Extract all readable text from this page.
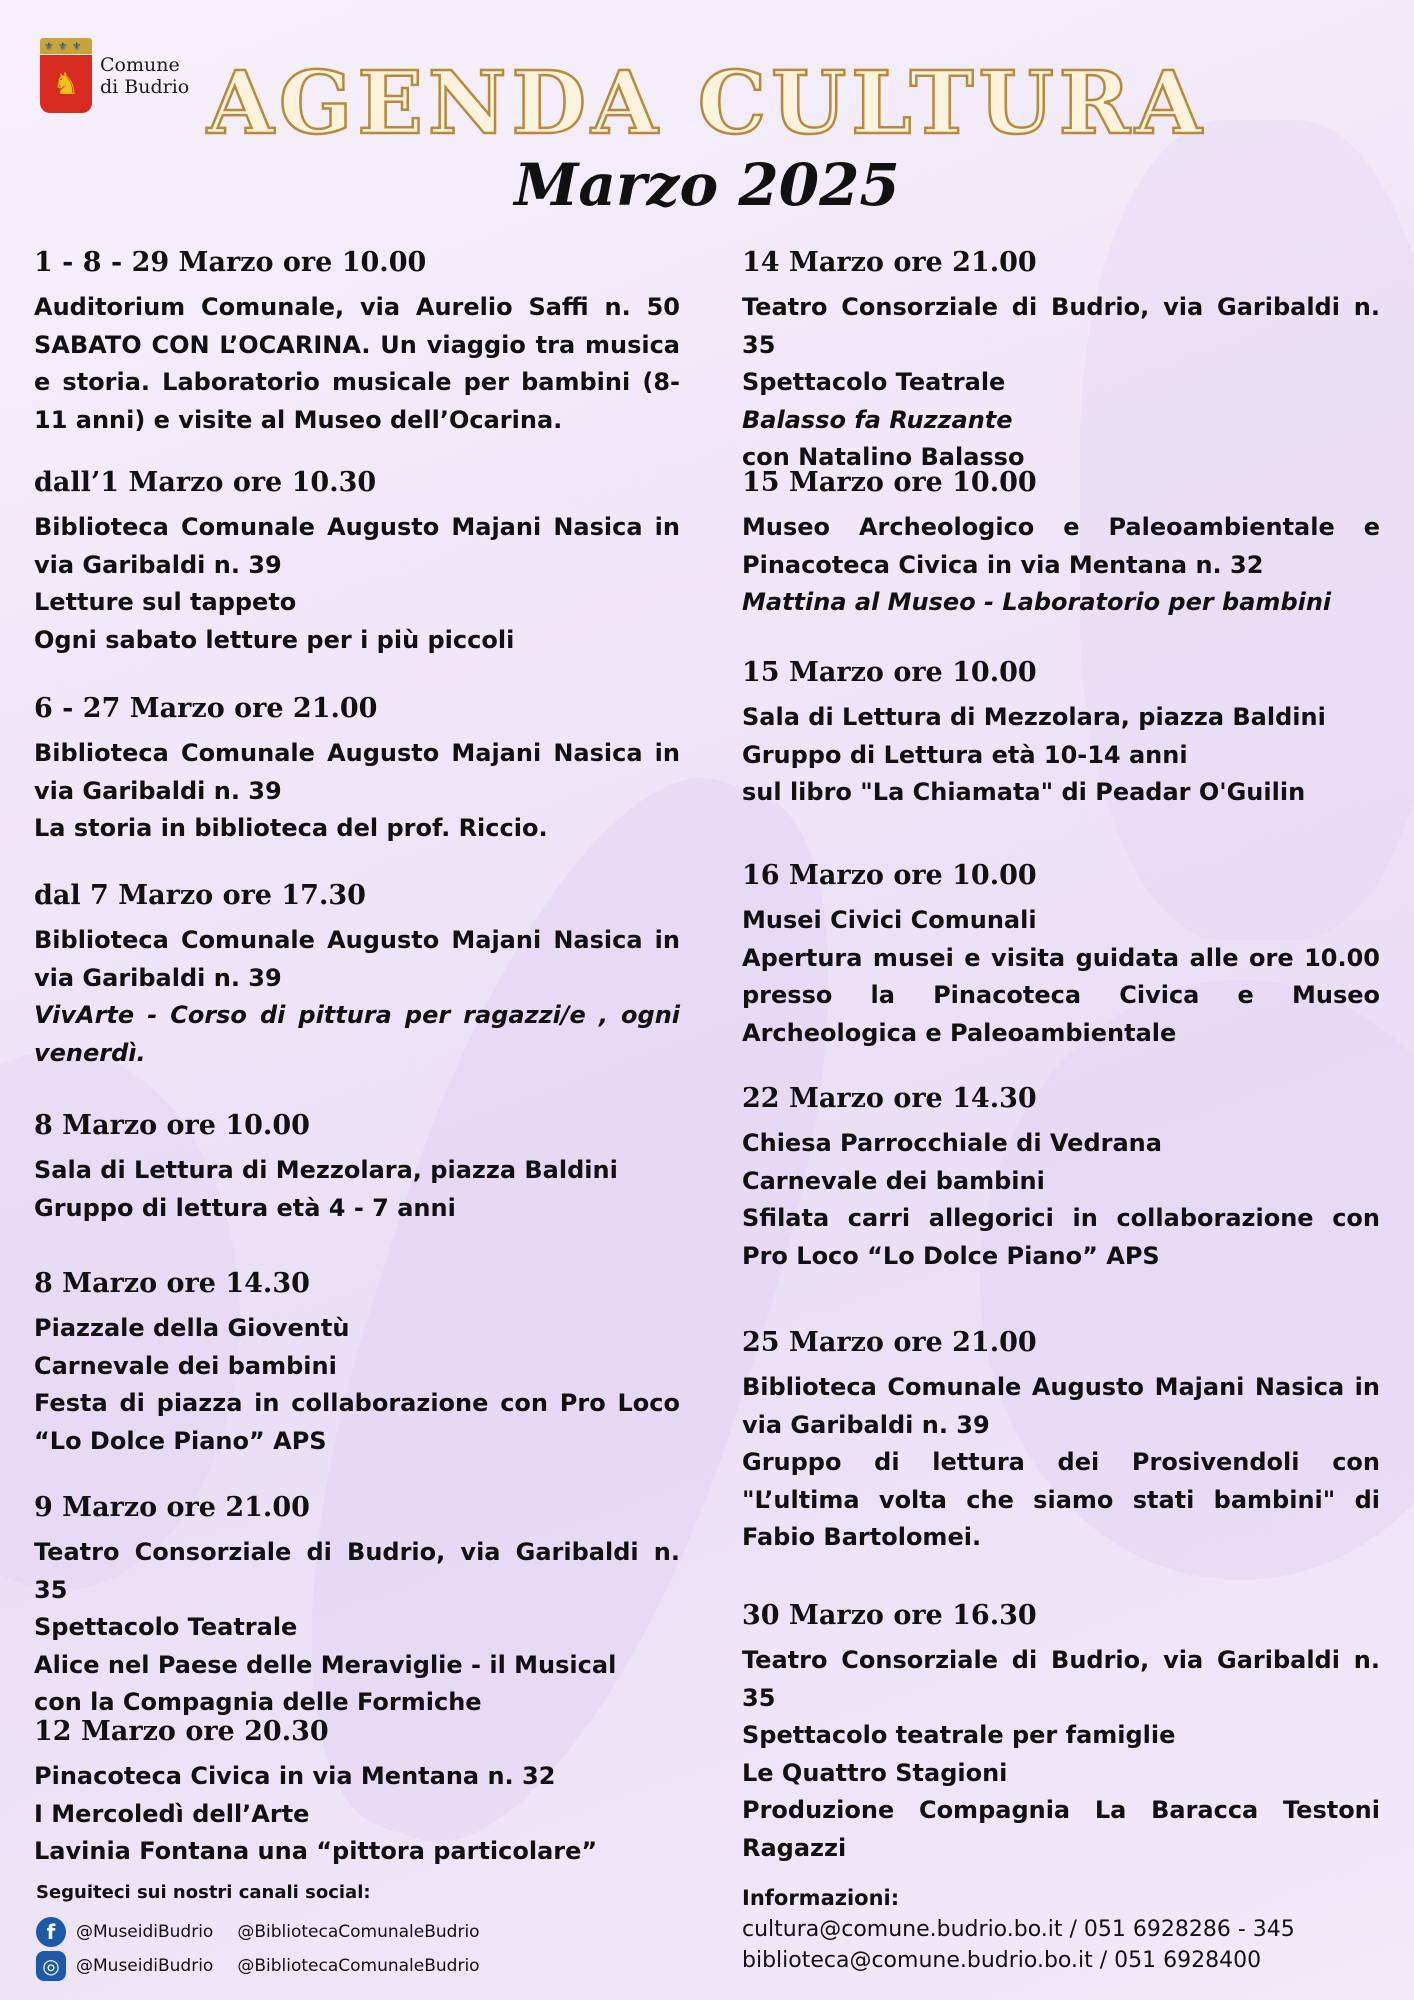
⚜⚜⚜
♞
Comune
di Budrio AGENDA CULTURA
Marzo 2025
1 - 8 - 29 Marzo ore 10.00

Auditorium Comunale, via Aurelio Saffi n. 50 SABATO CON L’OCARINA. Un viaggio tra musica e storia. Laboratorio musicale per bambini (8-11 anni) e visite al Museo dell’Ocarina.

dall’1 Marzo ore 10.30

Biblioteca Comunale Augusto Majani Nasica in via Garibaldi n. 39

Letture sul tappeto

Ogni sabato letture per i più piccoli

6 - 27 Marzo ore 21.00

Biblioteca Comunale Augusto Majani Nasica in via Garibaldi n. 39

La storia in biblioteca del prof. Riccio.

dal 7 Marzo ore 17.30

Biblioteca Comunale Augusto Majani Nasica in via Garibaldi n. 39

VivArte - Corso di pittura per ragazzi/e , ogni venerdì.

8 Marzo ore 10.00

Sala di Lettura di Mezzolara, piazza Baldini

Gruppo di lettura età 4 - 7 anni

8 Marzo ore 14.30

Piazzale della Gioventù

Carnevale dei bambini

Festa di piazza in collaborazione con Pro Loco “Lo Dolce Piano” APS

9 Marzo ore 21.00

Teatro Consorziale di Budrio, via Garibaldi n. 35

Spettacolo Teatrale

Alice nel Paese delle Meraviglie - il Musical

con la Compagnia delle Formiche

12 Marzo ore 20.30

Pinacoteca Civica in via Mentana n. 32

I Mercoledì dell’Arte

Lavinia Fontana una “pittora particolare”

14 Marzo ore 21.00

Teatro Consorziale di Budrio, via Garibaldi n. 35

Spettacolo Teatrale

Balasso fa Ruzzante

con Natalino Balasso

15 Marzo ore 10.00

Museo Archeologico e Paleoambientale e Pinacoteca Civica in via Mentana n. 32

Mattina al Museo - Laboratorio per bambini

15 Marzo ore 10.00

Sala di Lettura di Mezzolara, piazza Baldini

Gruppo di Lettura età 10-14 anni

sul libro "La Chiamata" di Peadar O'Guilin

16 Marzo ore 10.00

Musei Civici Comunali

Apertura musei e visita guidata alle ore 10.00 presso la Pinacoteca Civica e Museo Archeologica e Paleoambientale

22 Marzo ore 14.30

Chiesa Parrocchiale di Vedrana

Carnevale dei bambini

Sfilata carri allegorici in collaborazione con Pro Loco “Lo Dolce Piano” APS

25 Marzo ore 21.00

Biblioteca Comunale Augusto Majani Nasica in via Garibaldi n. 39

Gruppo di lettura dei Prosivendoli con "L’ultima volta che siamo stati bambini" di Fabio Bartolomei.

30 Marzo ore 16.30

Teatro Consorziale di Budrio, via Garibaldi n. 35

Spettacolo teatrale per famiglie

Le Quattro Stagioni

Produzione Compagnia La Baracca Testoni Ragazzi

Seguiteci sui nostri canali social:
f	@MuseidiBudrio @BibliotecaComunaleBudrio
◎ @MuseidiBudrio @BibliotecaComunaleBudrio
Informazioni:
cultura@comune.budrio.bo.it / 051 6928286 - 345
biblioteca@comune.budrio.bo.it / 051 6928400
